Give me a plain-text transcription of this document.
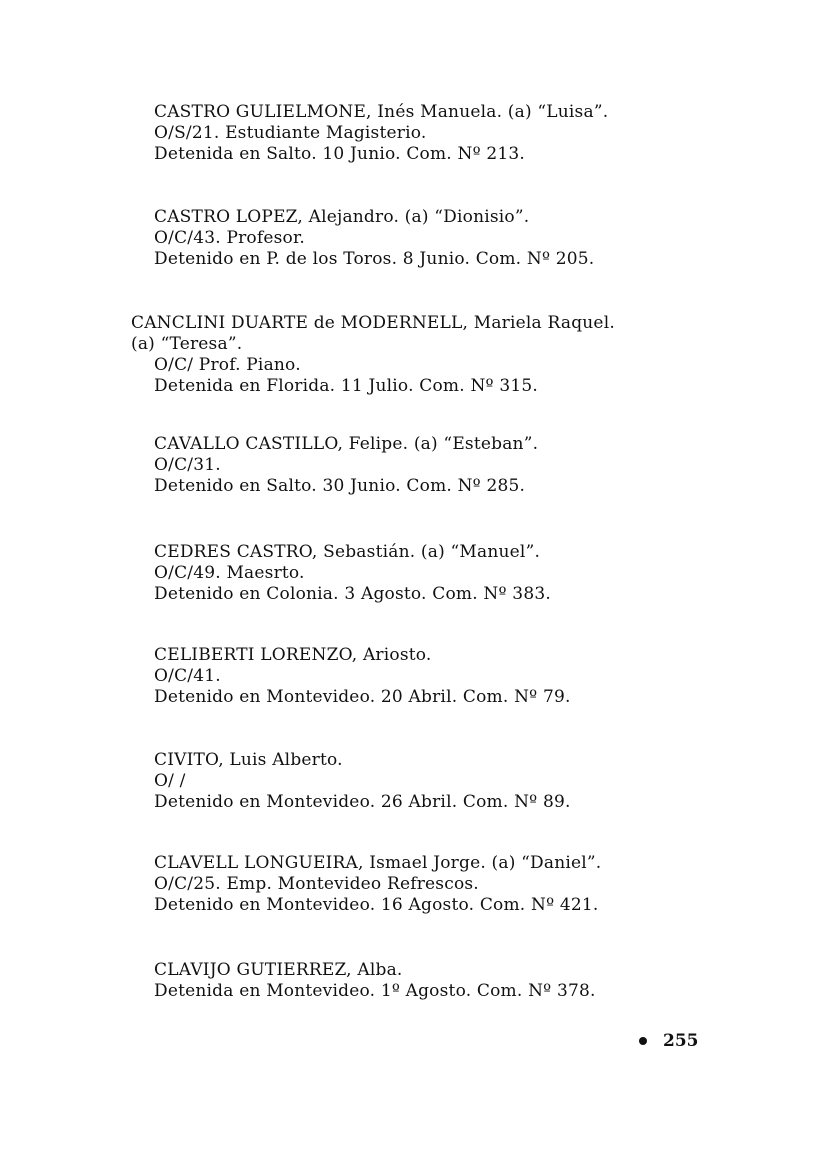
CASTRO GULIELMONE, Inés Manuela. (a) “Luisa”.
O/S/21. Estudiante Magisterio.
Detenida en Salto. 10 Junio. Com. Nº 213.
CASTRO LOPEZ, Alejandro. (a) “Dionisio”.
O/C/43. Profesor.
Detenido en P. de los Toros. 8 Junio. Com. Nº 205.
CANCLINI DUARTE de MODERNELL, Mariela Raquel.
(a) “Teresa”.
O/C/ Prof. Piano.
Detenida en Florida. 11 Julio. Com. Nº 315.
CAVALLO CASTILLO, Felipe. (a) “Esteban”.
O/C/31.
Detenido en Salto. 30 Junio. Com. Nº 285.
CEDRES CASTRO, Sebastián. (a) “Manuel”.
O/C/49. Maesrto.
Detenido en Colonia. 3 Agosto. Com. Nº 383.
CELIBERTI LORENZO, Ariosto.
O/C/41.
Detenido en Montevideo. 20 Abril. Com. Nº 79.
CIVITO, Luis Alberto.
O/ /
Detenido en Montevideo. 26 Abril. Com. Nº 89.
CLAVELL LONGUEIRA, Ismael Jorge. (a) “Daniel”.
O/C/25. Emp. Montevideo Refrescos.
Detenido en Montevideo. 16 Agosto. Com. Nº 421.
CLAVIJO GUTIERREZ, Alba.
Detenida en Montevideo. 1º Agosto. Com. Nº 378.
255
